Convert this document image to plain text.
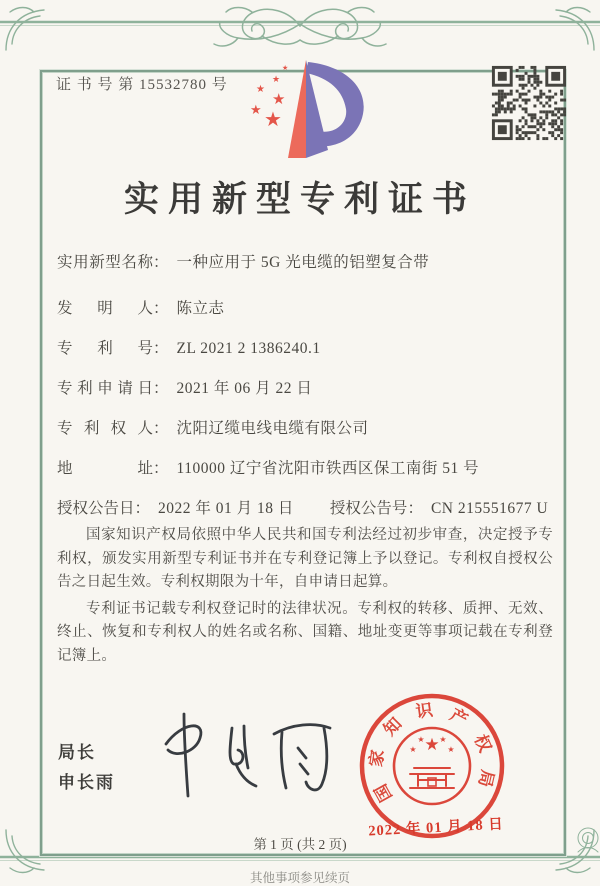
证 书 号 第 15532780 号
★
★
★
★
★
★
实用新型专利证书
实用新型名称： 一种应用于 5G 光电缆的铝塑复合带
发明人： 陈立志
专利号： ZL 2021 2 1386240.1
专利申请日： 2021 年 06 月 22 日
专利权人： 沈阳辽缆电线电缆有限公司
地址： 110000 辽宁省沈阳市铁西区保工南街 51 号
授权公告日： 2022 年 01 月 18 日 授权公告号： CN 215551677 U

国家知识产权局依照中华人民共和国专利法经过初步审查，决定授予专利权，颁发实用新型专利证书并在专利登记簿上予以登记。专利权自授权公告之日起生效。专利权期限为十年，自申请日起算。

专利证书记载专利权登记时的法律状况。专利权的转移、质押、无效、终止、恢复和专利权人的姓名或名称、国籍、地址变更等事项记载在专利登记簿上。

局长
申长雨	国
家
知
识 产
权
局
★
★
★ ★
★
2022 年 01 月 18 日
第 1 页 (共 2 页)
其他事项参见续页
